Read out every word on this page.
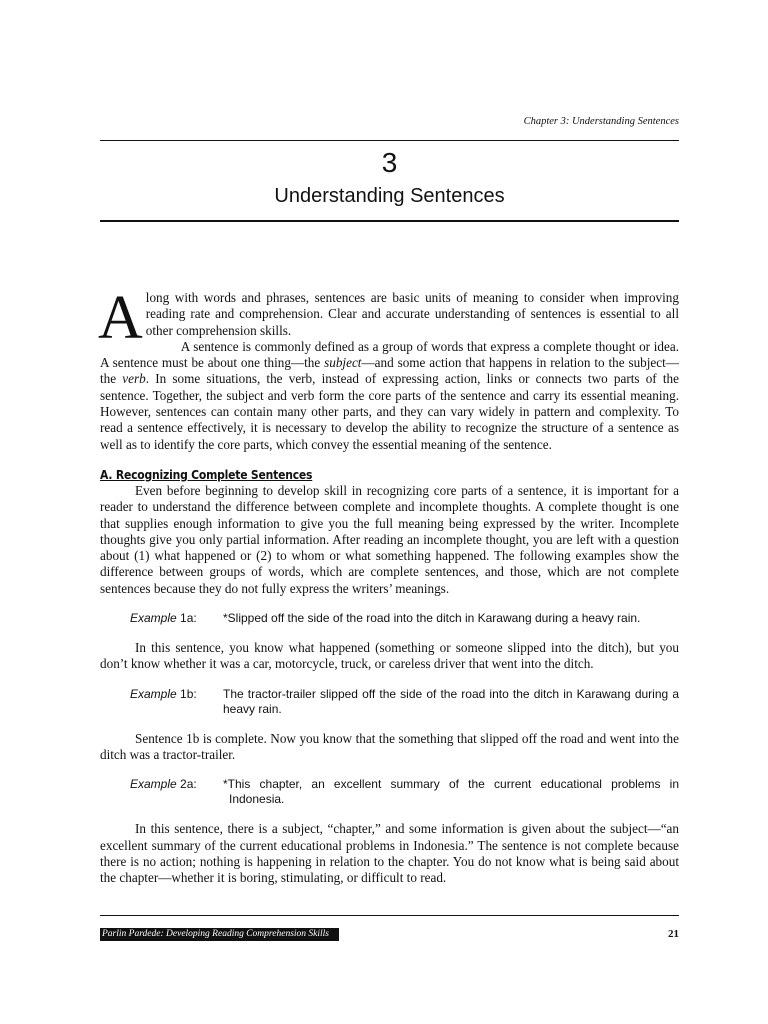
Chapter 3: Understanding Sentences
3
Understanding Sentences

Along with words and phrases, sentences are basic units of meaning to consider when improving reading rate and comprehension. Clear and accurate understanding of sentences is essential to all other comprehension skills.

A sentence is commonly defined as a group of words that express a complete thought or idea. A sentence must be about one thing—the subject—and some action that happens in relation to the subject—the verb. In some situations, the verb, instead of expressing action, links or connects two parts of the sentence. Together, the subject and verb form the core parts of the sentence and carry its essential meaning. However, sentences can contain many other parts, and they can vary widely in pattern and complexity. To read a sentence effectively, it is necessary to develop the ability to recognize the structure of a sentence as well as to identify the core parts, which convey the essential meaning of the sentence.

A. Recognizing Complete Sentences

Even before beginning to develop skill in recognizing core parts of a sentence, it is important for a reader to understand the difference between complete and incomplete thoughts. A complete thought is one that supplies enough information to give you the full meaning being expressed by the writer. Incomplete thoughts give you only partial information. After reading an incomplete thought, you are left with a question about (1) what happened or (2) to whom or what something happened. The following examples show the difference between groups of words, which are complete sentences, and those, which are not complete sentences because they do not fully express the writers’ meanings.

Example 1a:	*Slipped off the side of the road into the ditch in Karawang during a heavy rain.

In this sentence, you know what happened (something or someone slipped into the ditch), but you don’t know whether it was a car, motorcycle, truck, or careless driver that went into the ditch.

Example 1b:	The tractor-trailer slipped off the side of the road into the ditch in Karawang during a heavy rain.

Sentence 1b is complete. Now you know that the something that slipped off the road and went into the ditch was a tractor-trailer.

Example 2a:	*This chapter, an excellent summary of the current educational problems in Indonesia.

In this sentence, there is a subject, “chapter,” and some information is given about the subject—“an excellent summary of the current educational problems in Indonesia.” The sentence is not complete because there is no action; nothing is happening in relation to the chapter. You do not know what is being said about the chapter—whether it is boring, stimulating, or difficult to read.

Parlin Pardede: Developing Reading Comprehension Skills	21
